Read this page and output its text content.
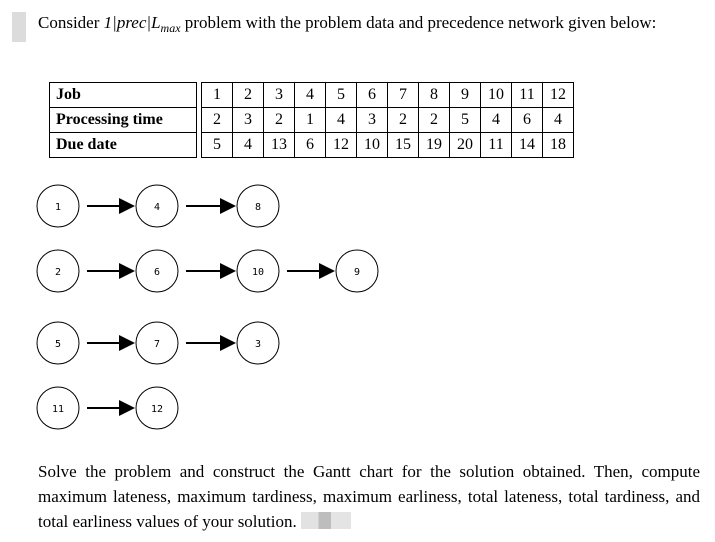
Consider $1|prec|L_{max}$ problem with the problem data and precedence network given below:
Job		1	2	3	4	5	6	7	8	9	10	11	12
Processing time		2	3	2	1	4	3	2	2	5	4	6	4
Due date		5	4	13	6	12	10	15	19	20	11	14	18
1	4	8
2	6	10	9
5	7	3
11	12
Solve the problem and construct the Gantt chart for the solution obtained. Then, compute maximum lateness, maximum tardiness, maximum earliness, total lateness, total tardiness, and total earliness values of your solution.
